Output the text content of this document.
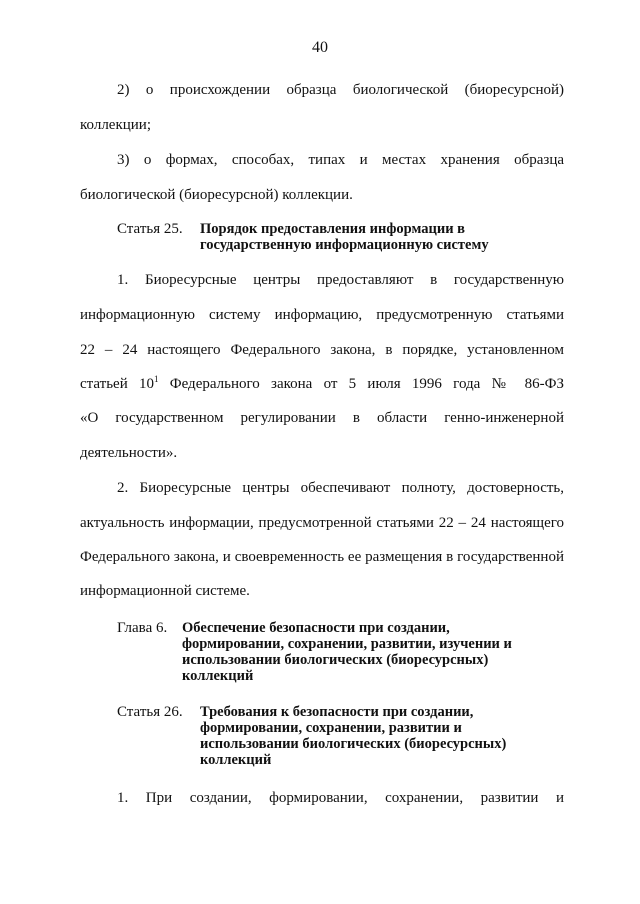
40
2) о происхождении образца биологической (биоресурсной)
коллекции;
3) о формах, способах, типах и местах хранения образца
биологической (биоресурсной) коллекции.
Статья 25. Порядок предоставления информации в
государственную информационную систему
1. Биоресурсные центры предоставляют в государственную
информационную систему информацию, предусмотренную статьями
22 – 24 настоящего Федерального закона, в порядке, установленном
статьей $10^1$ Федерального закона от 5 июля 1996 года № 86-ФЗ
«О государственном регулировании в области генно-инженерной
деятельности».
2. Биоресурсные центры обеспечивают полноту, достоверность,
актуальность информации, предусмотренной статьями 22 – 24 настоящего
Федерального закона, и своевременность ее размещения в государственной
информационной системе.
Глава 6. Обеспечение безопасности при создании,
формировании, сохранении, развитии, изучении и
использовании биологических (биоресурсных)
коллекций
Статья 26. Требования к безопасности при создании,
формировании, сохранении, развитии и
использовании биологических (биоресурсных)
коллекций
1. При создании, формировании, сохранении, развитии и
